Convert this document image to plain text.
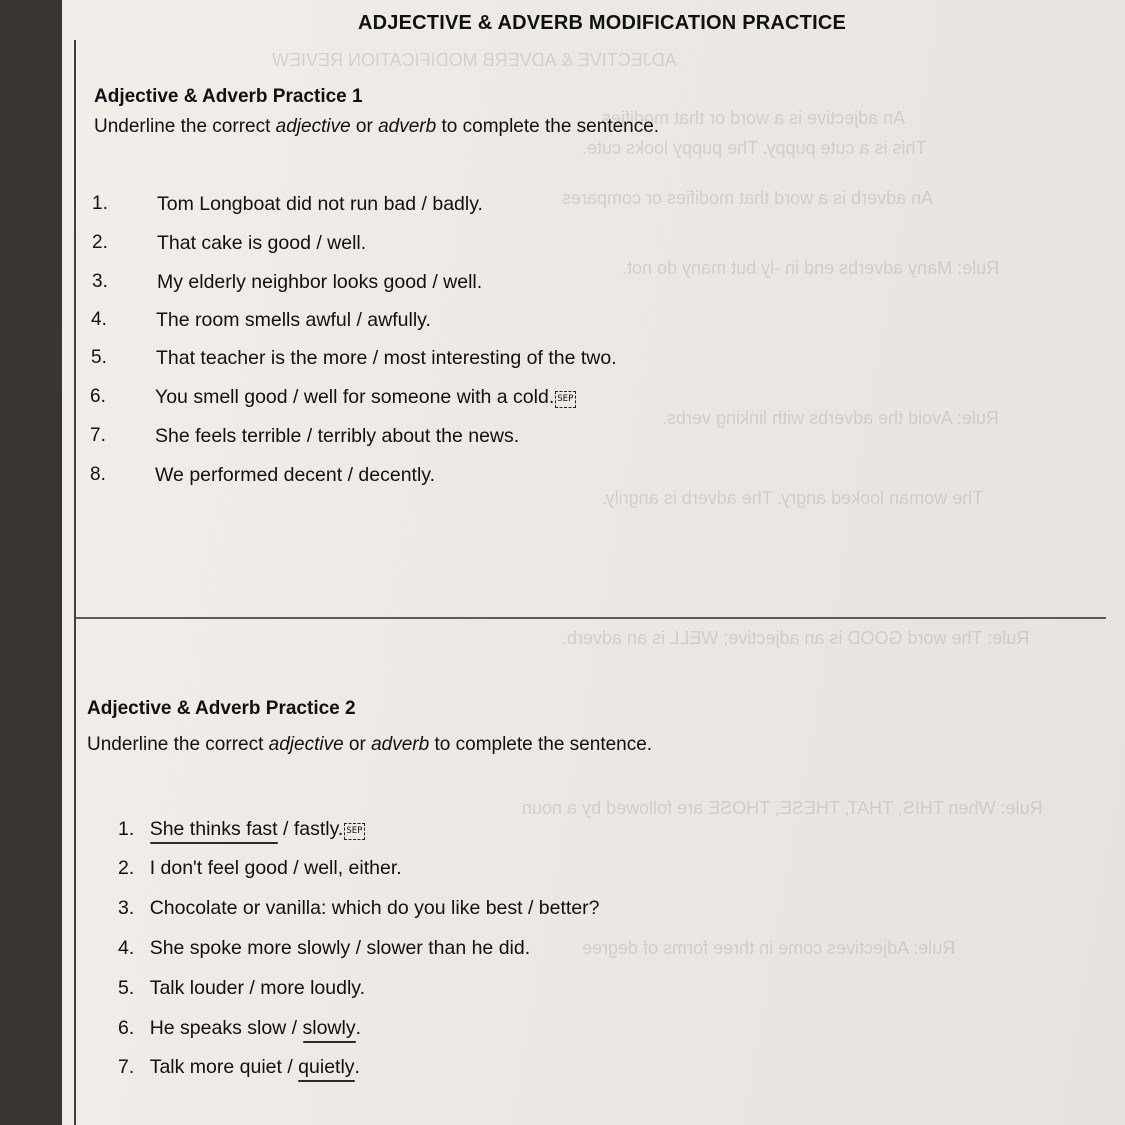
ADJECTIVE & ADVERB MODIFICATION REVIEW
An adjective is a word or that modifies
This is a cute puppy. The puppy looks cute.
An adverb is a word that modifies or compares
Rule: Many adverbs end in -ly but many do not.
Rule: Avoid the adverbs with linking verbs.
The woman looked angry. The adverb is angrily.
Rule: The word GOOD is an adjective; WELL is an adverb.
Rule: When THIS, THAT, THESE, THOSE are followed by a noun
Rule: Adjectives come in three forms of degree
ADJECTIVE & ADVERB MODIFICATION PRACTICE
Adjective & Adverb Practice 1
Underline the correct adjective or adverb to complete the sentence.
1.	Tom Longboat did not run bad / badly.
2.	That cake is good / well.
3.	My elderly neighbor looks good / well.
4.	The room smells awful / awfully.
5.	That teacher is the more / most interesting of the two.
6.	You smell good / well for someone with a cold. SEP
7.	She feels terrible / terribly about the news.
8.	We performed decent / decently.
Adjective & Adverb Practice 2
Underline the correct adjective or adverb to complete the sentence.
1. She thinks fast / fastly. SEP
2. I don't feel good / well, either.
3. Chocolate or vanilla: which do you like best / better?
4. She spoke more slowly / slower than he did.
5. Talk louder / more loudly.
6. He speaks slow / slowly.
7. Talk more quiet / quietly.
